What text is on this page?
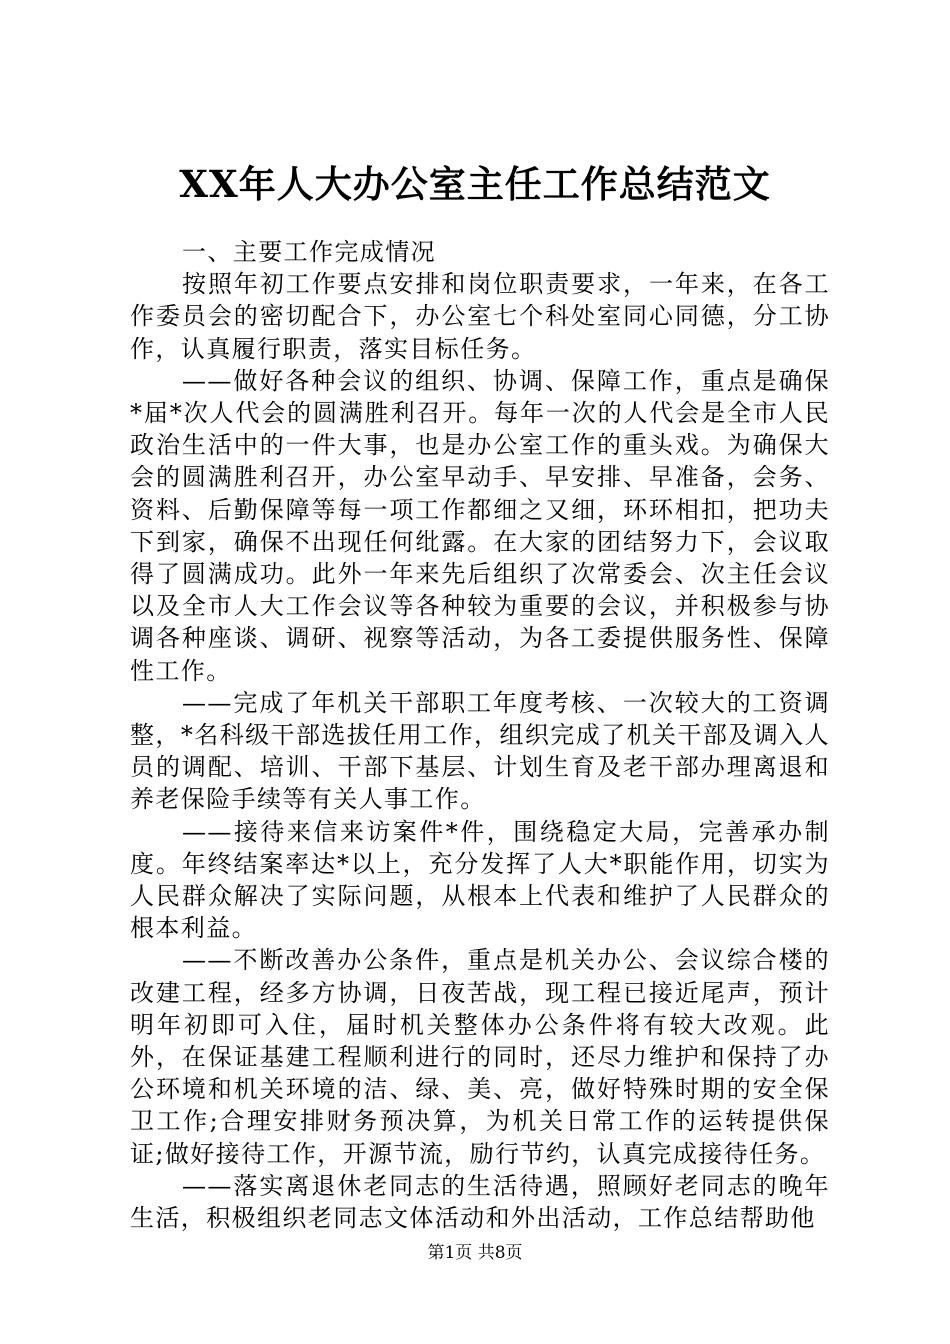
XX年人大办公室主任工作总结范文

一、主要工作完成情况

按照年初工作要点安排和岗位职责要求，一年来，在各工作委员会的密切配合下，办公室七个科处室同心同德，分工协作，认真履行职责，落实目标任务。

——做好各种会议的组织、协调、保障工作，重点是确保*届*次人代会的圆满胜利召开。每年一次的人代会是全市人民政治生活中的一件大事，也是办公室工作的重头戏。为确保大会的圆满胜利召开，办公室早动手、早安排、早准备，会务、资料、后勤保障等每一项工作都细之又细，环环相扣，把功夫下到家，确保不出现任何纰露。在大家的团结努力下，会议取得了圆满成功。此外一年来先后组织了次常委会、次主任会议以及全市人大工作会议等各种较为重要的会议，并积极参与协调各种座谈、调研、视察等活动，为各工委提供服务性、保障性工作。

——完成了年机关干部职工年度考核、一次较大的工资调整，*名科级干部选拔任用工作，组织完成了机关干部及调入人员的调配、培训、干部下基层、计划生育及老干部办理离退和养老保险手续等有关人事工作。

——接待来信来访案件*件，围绕稳定大局，完善承办制度。年终结案率达*以上，充分发挥了人大*职能作用，切实为人民群众解决了实际问题，从根本上代表和维护了人民群众的根本利益。

——不断改善办公条件，重点是机关办公、会议综合楼的改建工程，经多方协调，日夜苦战，现工程已接近尾声，预计明年初即可入住，届时机关整体办公条件将有较大改观。此外，在保证基建工程顺利进行的同时，还尽力维护和保持了办公环境和机关环境的洁、绿、美、亮，做好特殊时期的安全保卫工作;合理安排财务预决算，为机关日常工作的运转提供保证;做好接待工作，开源节流，励行节约，认真完成接待任务。

——落实离退休老同志的生活待遇，照顾好老同志的晚年生活，积极组织老同志文体活动和外出活动，工作总结帮助他

第1页 共8页
